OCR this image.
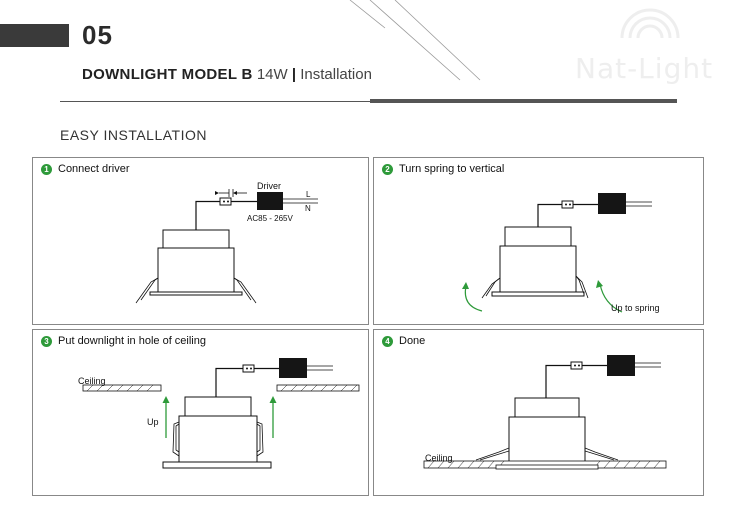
05
DOWNLIGHT MODEL B 14W | Installation	Nat-Light
EASY INSTALLATION
1 Connect driver
Driver
L
N
AC85 - 265V
2 Turn spring to vertical
Up to spring
3 Put downlight in hole of ceiling
Ceiling
Up
4 Done
Ceiling
